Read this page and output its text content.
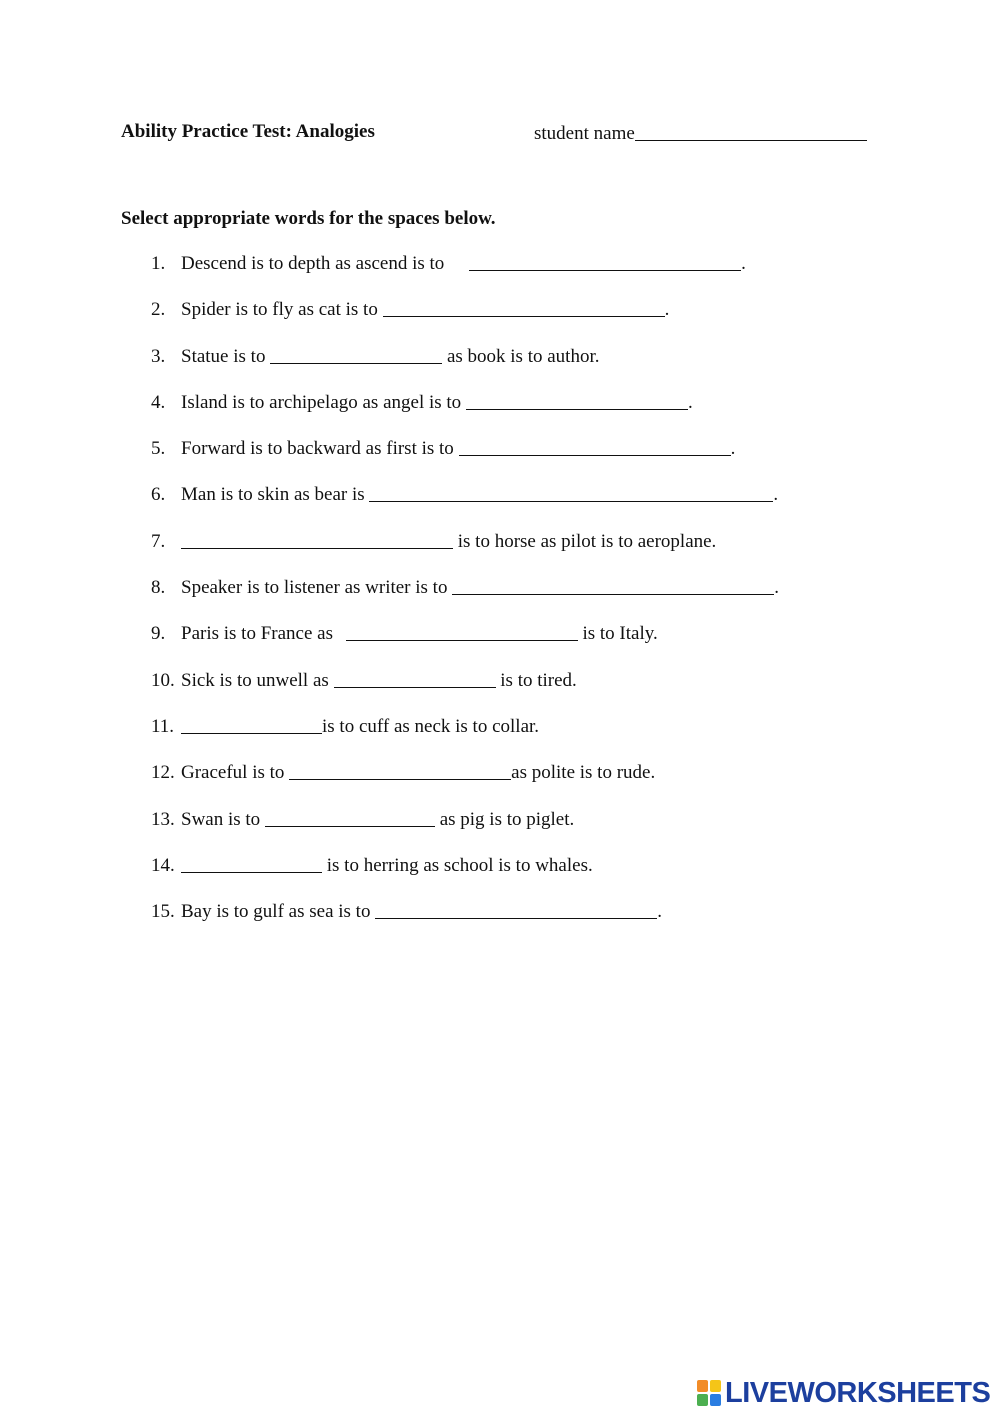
Ability Practice Test: Analogies	student name
Select appropriate words for the spaces below.
1. Descend is to depth as ascend is to	.
2. Spider is to fly as cat is to	.
3. Statue is to	as book is to author.
4. Island is to archipelago as angel is to	.
5. Forward is to backward as first is to	.
6. Man is to skin as bear is	.
7.	is to horse as pilot is to aeroplane.
8. Speaker is to listener as writer is to	.
9. Paris is to France as	is to Italy.
10. Sick is to unwell as	is to tired.
11.	is to cuff as neck is to collar.
12. Graceful is to	as polite is to rude.
13. Swan is to	as pig is to piglet.
14.	is to herring as school is to whales.
15. Bay is to gulf as sea is to	.
LIVEWORKSHEETS
